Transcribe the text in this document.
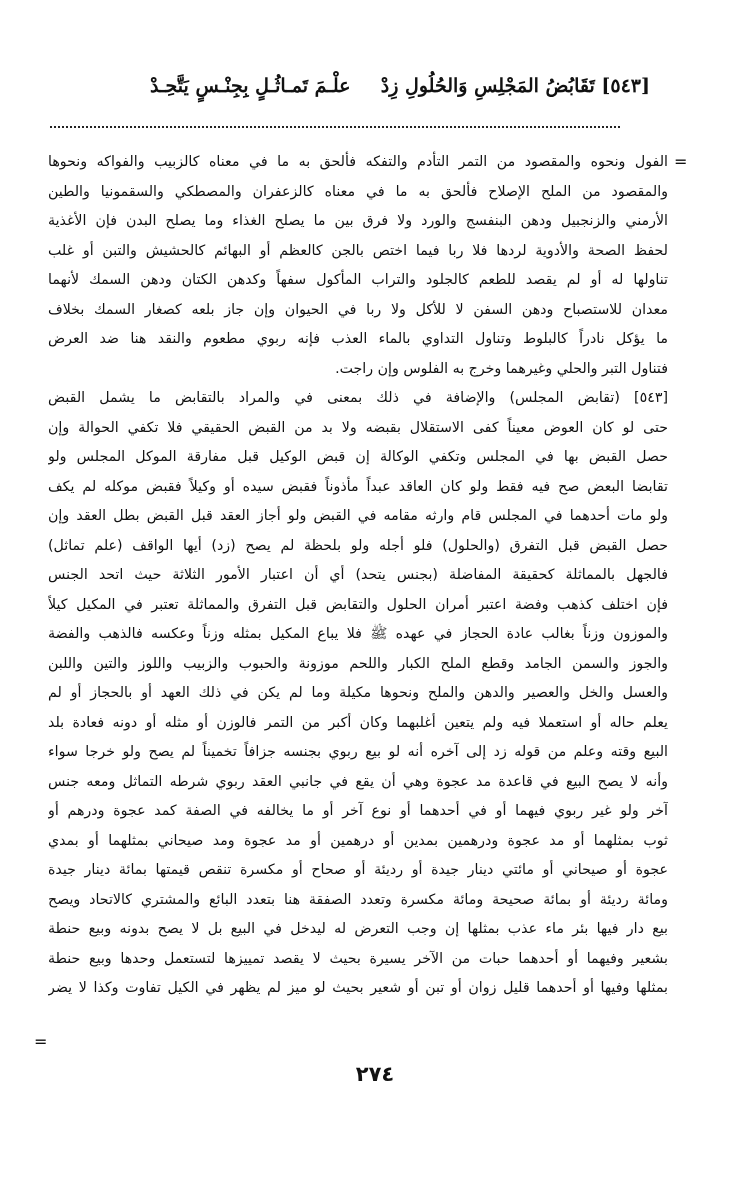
[٥٤٣] تَقَابُضُ المَجْلِسِ وَالحُلُولِ زِدْ
علْـمَ تَمـاثُـلٍ بِجِنْـسٍ يَتَّحِـدْ
=
الفول ونحوه والمقصود من التمر التأدم والتفكه فألحق به ما في معناه كالزبيب والفواكه ونحوها
والمقصود من الملح الإصلاح فألحق به ما في معناه كالزعفران والمصطكي والسقمونيا والطين
الأرمني والزنجبيل ودهن البنفسج والورد ولا فرق بين ما يصلح الغذاء وما يصلح البدن فإن الأغذية
لحفظ الصحة والأدوية لردها فلا ربا فيما اختص بالجن كالعظم أو البهائم كالحشيش والتبن أو غلب
تناولها له أو لم يقصد للطعم كالجلود والتراب المأكول سفهاً وكدهن الكتان ودهن السمك لأنهما
معدان للاستصباح ودهن السفن لا للأكل ولا ربا في الحيوان وإن جاز بلعه كصغار السمك بخلاف
ما يؤكل نادراً كالبلوط وتناول التداوي بالماء العذب فإنه ربوي مطعوم والنقد هنا ضد العرض
فتناول التبر والحلي وغيرهما وخرج به الفلوس وإن راجت.
[٥٤٣] (تقابض المجلس) والإضافة في ذلك بمعنى في والمراد بالتقابض ما يشمل القبض
حتى لو كان العوض معيناً كفى الاستقلال بقبضه ولا بد من القبض الحقيقي فلا تكفي الحوالة وإن
حصل القبض بها في المجلس وتكفي الوكالة إن قبض الوكيل قبل مفارقة الموكل المجلس ولو
تقابضا البعض صح فيه فقط ولو كان العاقد عبداً مأذوناً فقبض سيده أو وكيلاً فقبض موكله لم يكف
ولو مات أحدهما في المجلس قام وارثه مقامه في القبض ولو أجاز العقد قبل القبض بطل العقد وإن
حصل القبض قبل التفرق (والحلول) فلو أجله ولو بلحظة لم يصح (زد) أيها الواقف (علم تماثل)
فالجهل بالمماثلة كحقيقة المفاضلة (بجنس يتحد) أي أن اعتبار الأمور الثلاثة حيث اتحد الجنس
فإن اختلف كذهب وفضة اعتبر أمران الحلول والتقابض قبل التفرق والمماثلة تعتبر في المكيل كيلاً
والموزون وزناً بغالب عادة الحجاز في عهده ﷺ فلا يباع المكيل بمثله وزناً وعكسه فالذهب والفضة
والجوز والسمن الجامد وقطع الملح الكبار واللحم موزونة والحبوب والزبيب واللوز والتين واللبن
والعسل والخل والعصير والدهن والملح ونحوها مكيلة وما لم يكن في ذلك العهد أو بالحجاز أو لم
يعلم حاله أو استعملا فيه ولم يتعين أغلبهما وكان أكبر من التمر فالوزن أو مثله أو دونه فعادة بلد
البيع وقته وعلم من قوله زد إلى آخره أنه لو بيع ربوي بجنسه جزافاً تخميناً لم يصح ولو خرجا سواء
وأنه لا يصح البيع في قاعدة مد عجوة وهي أن يقع في جانبي العقد ربوي شرطه التماثل ومعه جنس
آخر ولو غير ربوي فيهما أو في أحدهما أو نوع آخر أو ما يخالفه في الصفة كمد عجوة ودرهم أو
ثوب بمثلهما أو مد عجوة ودرهمين بمدين أو درهمين أو مد عجوة ومد صيحاني بمثلهما أو بمدي
عجوة أو صيحاني أو مائتي دينار جيدة أو رديئة أو صحاح أو مكسرة تنقص قيمتها بمائة دينار جيدة
ومائة رديئة أو بمائة صحيحة ومائة مكسرة وتعدد الصفقة هنا بتعدد البائع والمشتري كالاتحاد ويصح
بيع دار فيها بئر ماء عذب بمثلها إن وجب التعرض له ليدخل في البيع بل لا يصح بدونه وبيع حنطة
بشعير وفيهما أو أحدهما حبات من الآخر يسيرة بحيث لا يقصد تمييزها لتستعمل وحدها وبيع حنطة
بمثلها وفيها أو أحدهما قليل زوان أو تبن أو شعير بحيث لو ميز لم يظهر في الكيل تفاوت وكذا لا يضر
=
٢٧٤
